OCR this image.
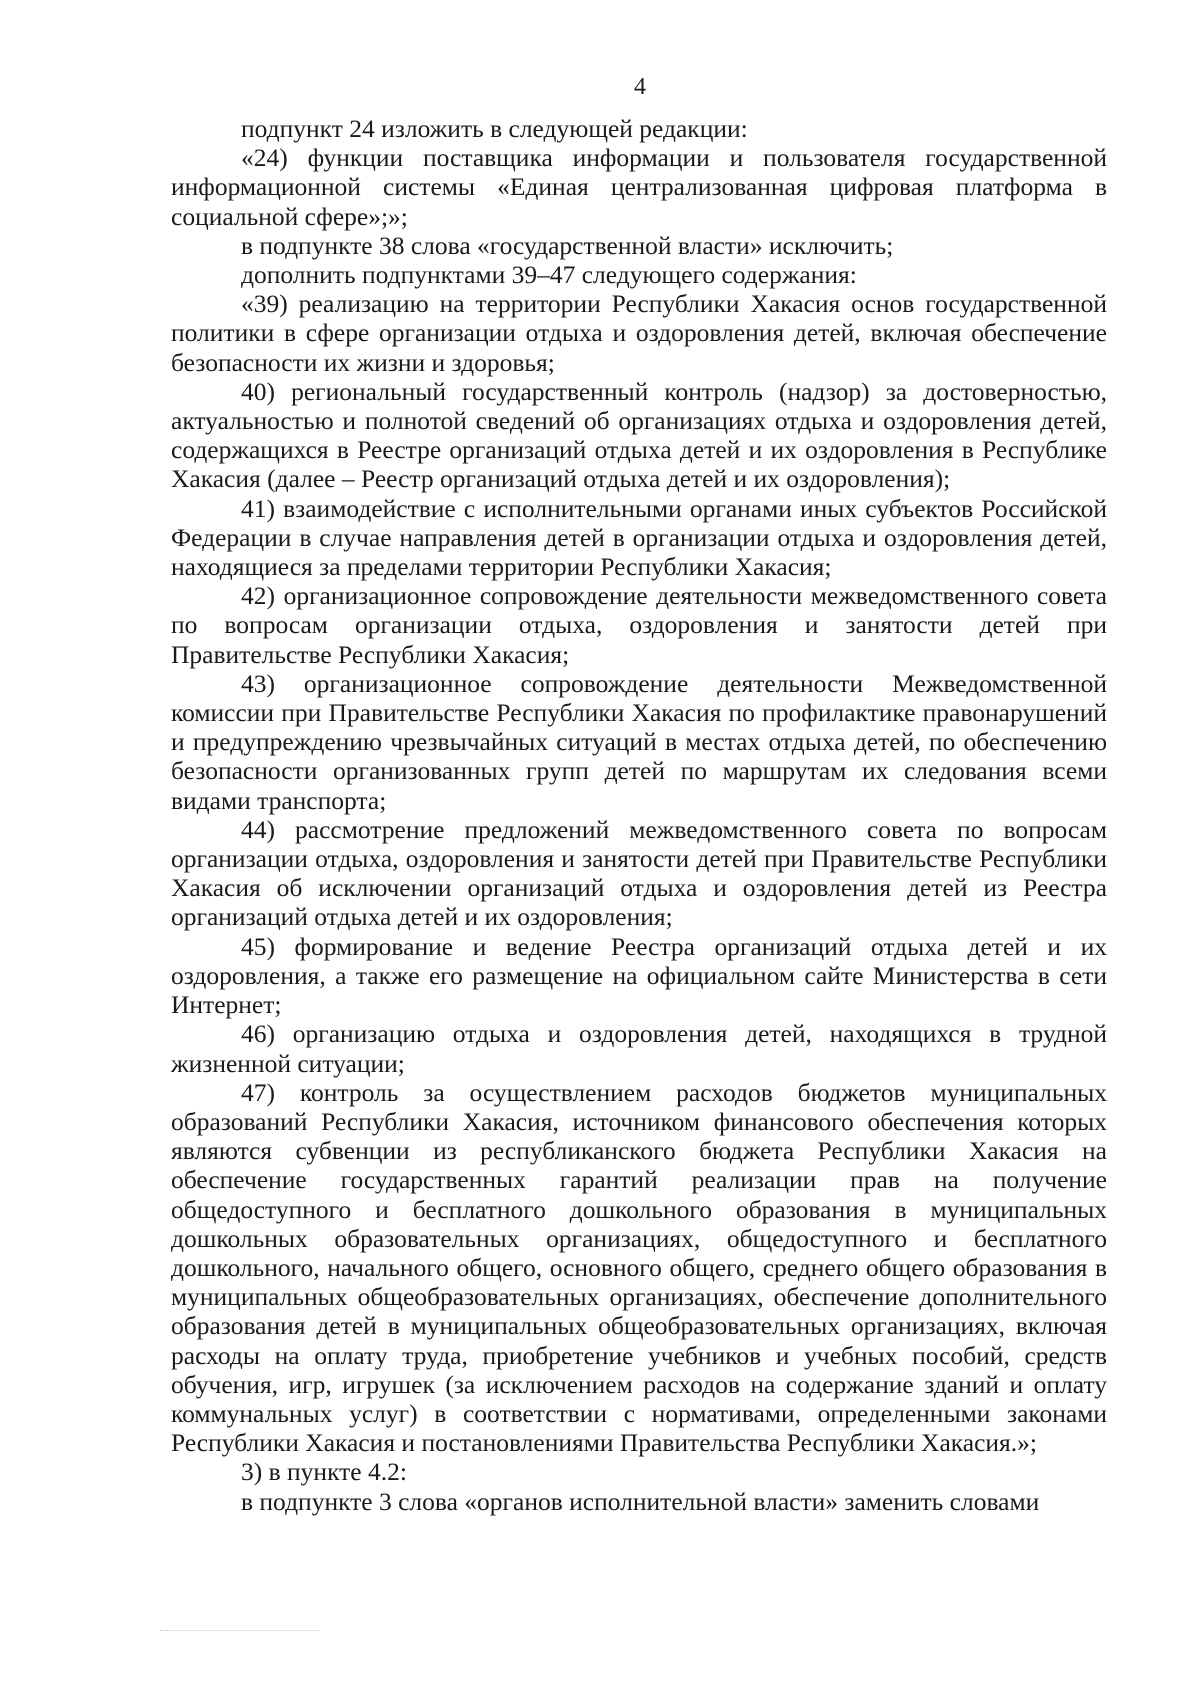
4

подпункт 24 изложить в следующей редакции:

«24) функции поставщика информации и пользователя государственной информационной системы «Единая централизованная цифровая платформа в социальной сфере»;»;

в подпункте 38 слова «государственной власти» исключить;

дополнить подпунктами 39–47 следующего содержания:

«39) реализацию на территории Республики Хакасия основ государственной политики в сфере организации отдыха и оздоровления детей, включая обеспечение безопасности их жизни и здоровья;

40) региональный государственный контроль (надзор) за достоверностью, актуальностью и полнотой сведений об организациях отдыха и оздоровления детей, содержащихся в Реестре организаций отдыха детей и их оздоровления в Республике Хакасия (далее – Реестр организаций отдыха детей и их оздоровления);

41) взаимодействие с исполнительными органами иных субъектов Российской Федерации в случае направления детей в организации отдыха и оздоровления детей, находящиеся за пределами территории Республики Хакасия;

42) организационное сопровождение деятельности межведомственного совета по вопросам организации отдыха, оздоровления и занятости детей при Правительстве Республики Хакасия;

43) организационное сопровождение деятельности Межведомственной комиссии при Правительстве Республики Хакасия по профилактике правонарушений и предупреждению чрезвычайных ситуаций в местах отдыха детей, по обеспечению безопасности организованных групп детей по маршрутам их следования всеми видами транспорта;

44) рассмотрение предложений межведомственного совета по вопросам организации отдыха, оздоровления и занятости детей при Правительстве Республики Хакасия об исключении организаций отдыха и оздоровления детей из Реестра организаций отдыха детей и их оздоровления;

45) формирование и ведение Реестра организаций отдыха детей и их оздоровления, а также его размещение на официальном сайте Министерства в сети Интернет;

46) организацию отдыха и оздоровления детей, находящихся в трудной жизненной ситуации;

47) контроль за осуществлением расходов бюджетов муниципальных образований Республики Хакасия, источником финансового обеспечения которых являются субвенции из республиканского бюджета Республики Хакасия на обеспечение государственных гарантий реализации прав на получение общедоступного и бесплатного дошкольного образования в муниципальных дошкольных образовательных организациях, общедоступного и бесплатного дошкольного, начального общего, основного общего, среднего общего образования в муниципальных общеобразовательных организациях, обеспечение дополнительного образования детей в муниципальных общеобразовательных организациях, включая расходы на оплату труда, приобретение учебников и учебных пособий, средств обучения, игр, игрушек (за исключением расходов на содержание зданий и оплату коммунальных услуг) в соответствии с нормативами, определенными законами Республики Хакасия и постановлениями Правительства Республики Хакасия.»;

3) в пункте 4.2:

в подпункте 3 слова «органов исполнительной власти» заменить словами
